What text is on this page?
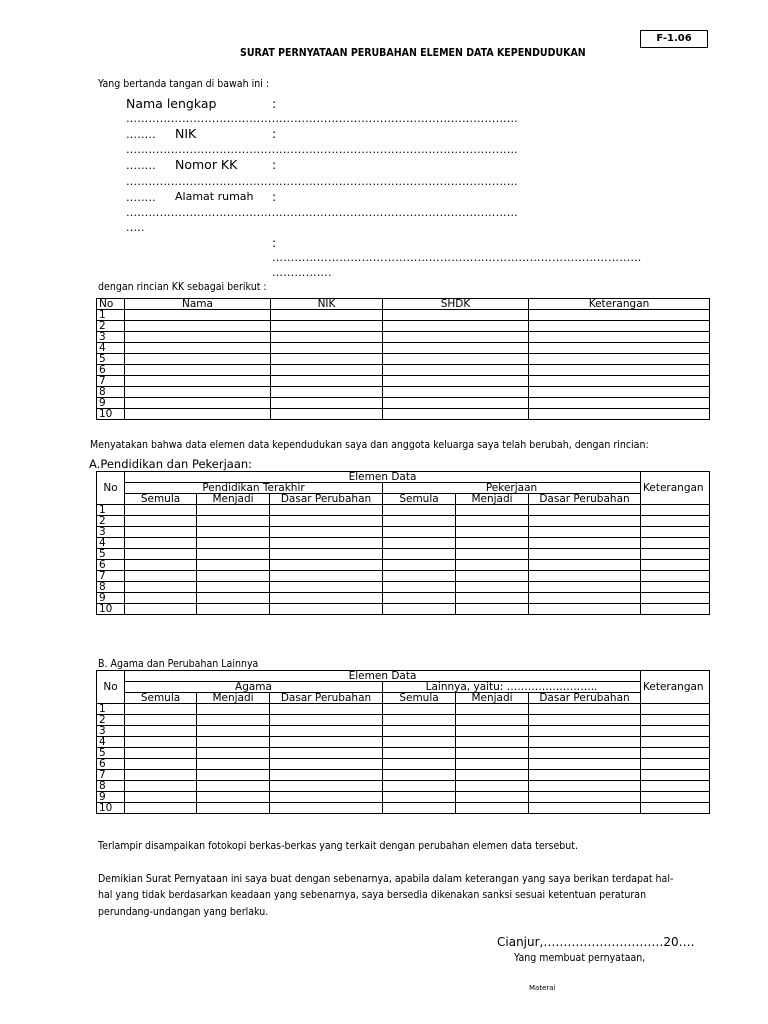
F-1.06
SURAT PERNYATAAN PERUBAHAN ELEMEN DATA KEPENDUDUKAN
Yang bertanda tangan di bawah ini :
Nama lengkap	:
……………………………………………………………………………………………
…….. NIK	:
……………………………………………………………………………………………
…….. Nomor KK	:
……………………………………………………………………………………………
…….. Alamat rumah :
……………………………………………………………………………………………
.….
:
………………………………………………………………………………………
…………….
dengan rincian KK sebagai berikut :
No	Nama	NIK	SHDK	Keterangan
1				
2				
3				
4				
5				
6				
7				
8				
9				
10				
Menyatakan bahwa data elemen data kependudukan saya dan anggota keluarga saya telah berubah, dengan rincian:
A.Pendidikan dan Pekerjaan:
No	Elemen Data						Keterangan
	Pendidikan Terakhir			Pekerjaan			
	Semula	Menjadi	Dasar Perubahan	Semula	Menjadi	Dasar Perubahan	
1							
2							
3							
4							
5							
6							
7							
8							
9							
10							
B. Agama dan Perubahan Lainnya
No	Elemen Data						Keterangan
	Agama			Lainnya, yaitu: ……………………..			
	Semula	Menjadi	Dasar Perubahan	Semula	Menjadi	Dasar Perubahan	
1							
2							
3							
4							
5							
6							
7							
8							
9							
10							
Terlampir disampaikan fotokopi berkas-berkas yang terkait dengan perubahan elemen data tersebut.
Demikian Surat Pernyataan ini saya buat dengan sebenarnya, apabila dalam keterangan yang saya berikan terdapat hal-
hal yang tidak berdasarkan keadaan yang sebenarnya, saya bersedia dikenakan sanksi sesuai ketentuan peraturan
perundang-undangan yang berlaku.
Cianjur,…………………………20….
Yang membuat pernyataan,
Materai
